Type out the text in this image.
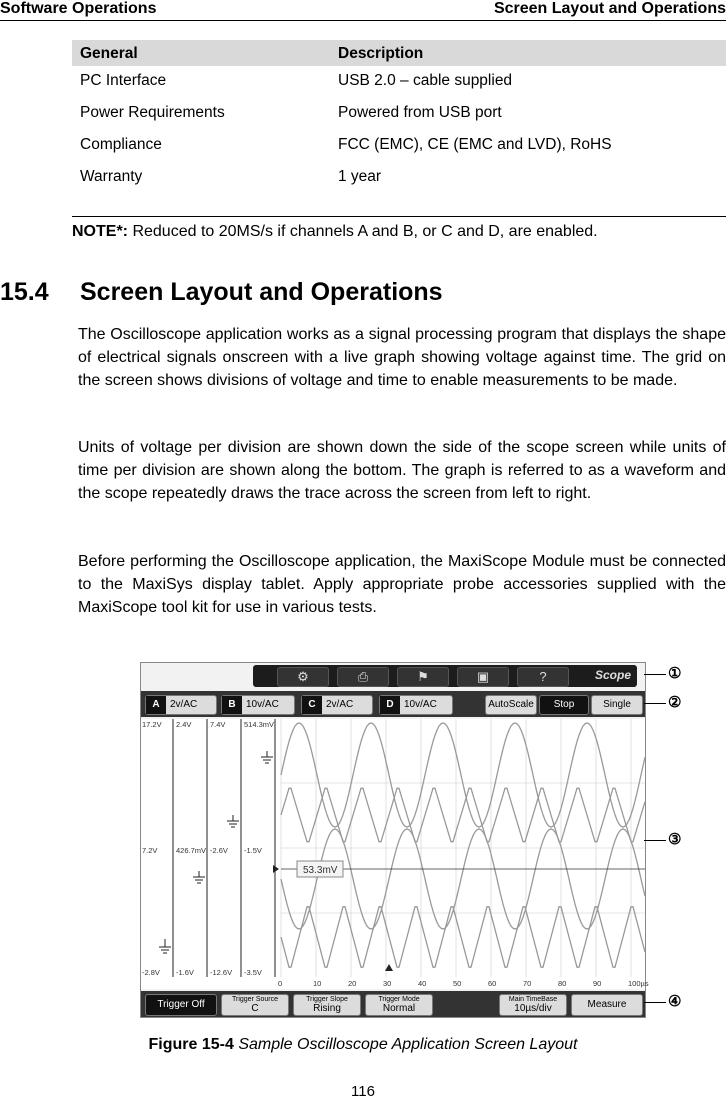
Software Operations	Screen Layout and Operations
General	Description
PC Interface	USB 2.0 – cable supplied
Power Requirements	Powered from USB port
Compliance	FCC (EMC), CE (EMC and LVD), RoHS
Warranty	1 year
NOTE*: Reduced to 20MS/s if channels A and B, or C and D, are enabled.
15.4 Screen Layout and Operations

The Oscilloscope application works as a signal processing program that displays the shape of electrical signals onscreen with a live graph showing voltage against time. The grid on the screen shows divisions of voltage and time to enable measurements to be made.

Units of voltage per division are shown down the side of the scope screen while units of time per division are shown along the bottom. The graph is referred to as a waveform and the scope repeatedly draws the trace across the screen from left to right.

Before performing the Oscilloscope application, the MaxiScope Module must be connected to the MaxiSys display tablet. Apply appropriate probe accessories supplied with the MaxiScope tool kit for use in various tests.

⚙	⎙	⚑	▣	?	Scope
A	2v/AC	B	10v/AC	C	2v/AC	D	10v/AC	AutoScale	Stop	Single
53.3mV
17.2V
7.2V
-2.8V
2.4V
426.7mV
-1.6V
7.4V
-2.6V
-12.6V
514.3mV
-1.5V
-3.5V
0	10	20	30	40	50	60	70	80	90	100µs
Trigger Off	Trigger Source
C
Trigger Slope
Rising
Trigger Mode
Normal
Main TimeBase
10µs/div	Measure
①
②
③
④
Figure 15-4 Sample Oscilloscope Application Screen Layout
116
